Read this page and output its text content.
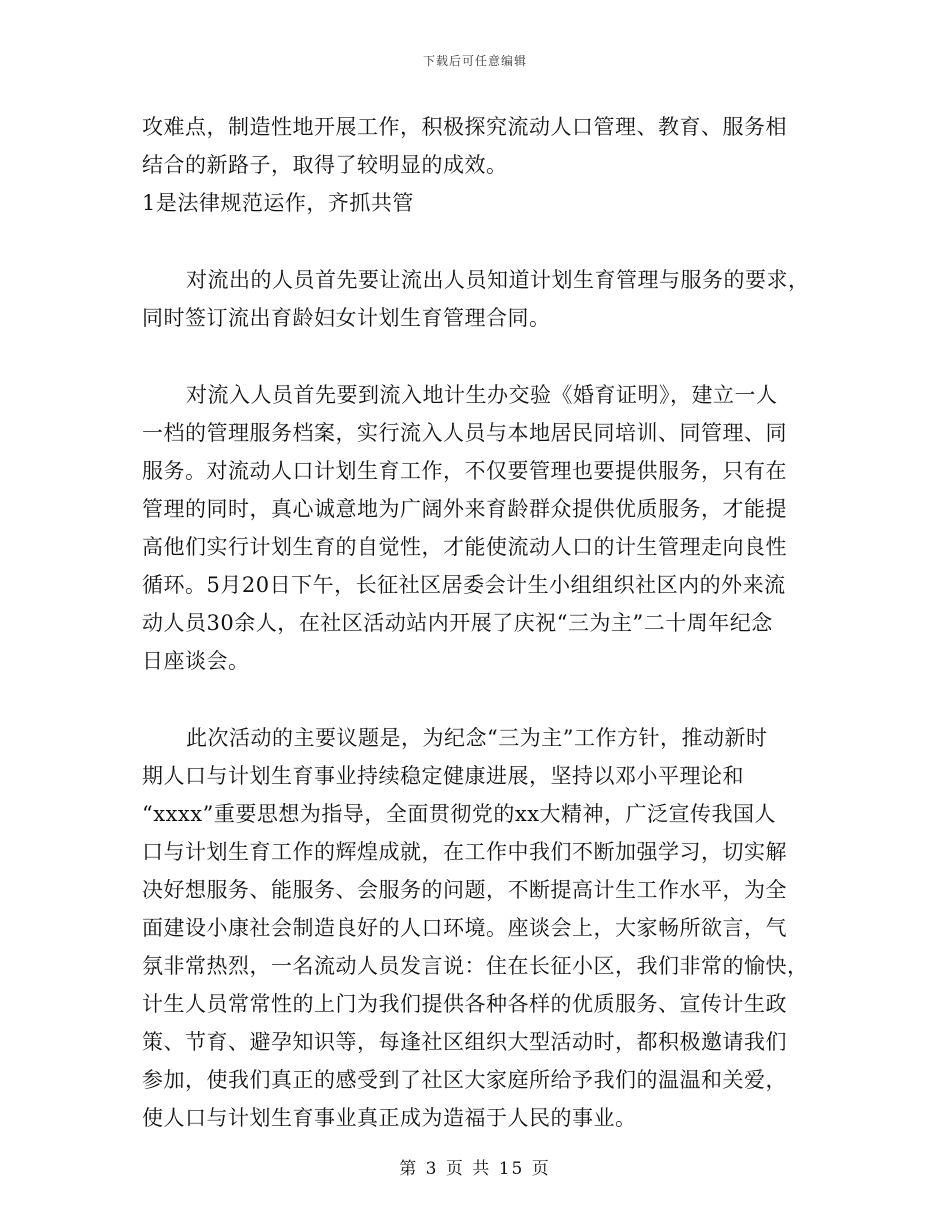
下载后可任意编辑
攻难点，制造性地开展工作，积极探究流动人口管理、教育、服务相
结合的新路子，取得了较明显的成效。
1是法律规范运作，齐抓共管
对流出的人员首先要让流出人员知道计划生育管理与服务的要求，
同时签订流出育龄妇女计划生育管理合同。
对流入人员首先要到流入地计生办交验《婚育证明》，建立一人
一档的管理服务档案，实行流入人员与本地居民同培训、同管理、同
服务。对流动人口计划生育工作，不仅要管理也要提供服务，只有在
管理的同时，真心诚意地为广阔外来育龄群众提供优质服务，才能提
高他们实行计划生育的自觉性，才能使流动人口的计生管理走向良性
循环。5月20日下午，长征社区居委会计生小组组织社区内的外来流
动人员30余人，在社区活动站内开展了庆祝“三为主”二十周年纪念
日座谈会。
此次活动的主要议题是，为纪念“三为主”工作方针，推动新时
期人口与计划生育事业持续稳定健康进展，坚持以邓小平理论和
“xxxx”重要思想为指导，全面贯彻党的xx大精神，广泛宣传我国人
口与计划生育工作的辉煌成就，在工作中我们不断加强学习，切实解
决好想服务、能服务、会服务的问题，不断提高计生工作水平，为全
面建设小康社会制造良好的人口环境。座谈会上，大家畅所欲言，气
氛非常热烈，一名流动人员发言说：住在长征小区，我们非常的愉快，
计生人员常常性的上门为我们提供各种各样的优质服务、宣传计生政
策、节育、避孕知识等，每逢社区组织大型活动时，都积极邀请我们
参加，使我们真正的感受到了社区大家庭所给予我们的温温和关爱，
使人口与计划生育事业真正成为造福于人民的事业。
第 3 页 共 15 页
